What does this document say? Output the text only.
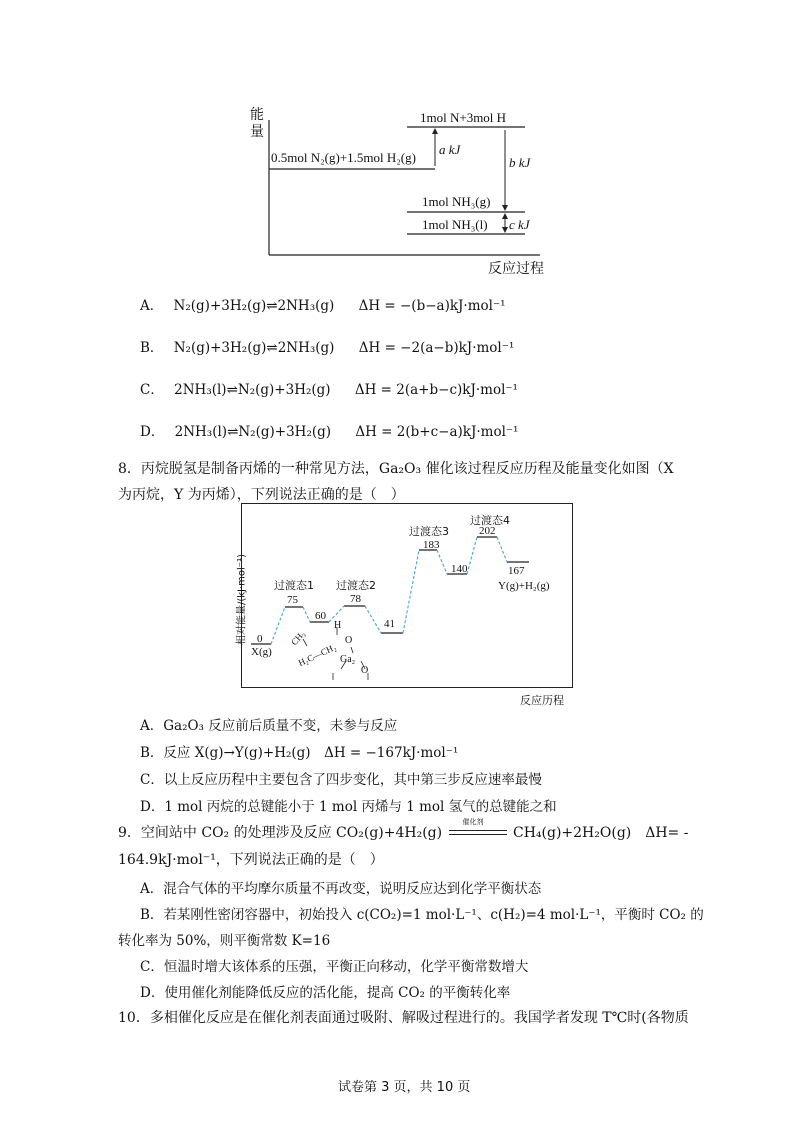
能
量
反应过程
1mol N+3mol H
0.5mol N₂(g)+1.5mol H₂(g)
1mol NH₃(g)
1mol NH₃(l)
a kJ
b kJ
c kJ
A． N₂(g)+3H₂(g)⇌2NH₃(g) ΔH = −(b−a)kJ·mol⁻¹
B． N₂(g)+3H₂(g)⇌2NH₃(g) ΔH = −2(a−b)kJ·mol⁻¹
C． 2NH₃(l)⇌N₂(g)+3H₂(g) ΔH = 2(a+b−c)kJ·mol⁻¹
D． 2NH₃(l)⇌N₂(g)+3H₂(g) ΔH = 2(b+c−a)kJ·mol⁻¹
8．丙烷脱氢是制备丙烯的一种常见方法，Ga₂O₃ 催化该过程反应历程及能量变化如图（X
为丙烷，Y 为丙烯），下列说法正确的是（　）
相对能量/(kJ·mol⁻¹)
反应历程
过渡态1 过渡态2
过渡态3
过渡态4
0
X(g)
75
60
78
41
183
140
202
167
Y(g)+H₂(g)
CH₃
H
H₂C—CH₂
O
Ga₂
O
A．Ga₂O₃ 反应前后质量不变，未参与反应
B．反应 X(g)→Y(g)+H₂(g)　ΔH = −167kJ·mol⁻¹
C．以上反应历程中主要包含了四步变化，其中第三步反应速率最慢
D．1 mol 丙烷的总键能小于 1 mol 丙烯与 1 mol 氢气的总键能之和
9．空间站中 CO₂ 的处理涉及反应 CO₂(g)+4H₂(g)
催化剂
CH₄(g)+2H₂O(g)　ΔH= -
164.9kJ·mol⁻¹，下列说法正确的是（　）
A．混合气体的平均摩尔质量不再改变，说明反应达到化学平衡状态
B．若某刚性密闭容器中，初始投入 c(CO₂)=1 mol·L⁻¹、c(H₂)=4 mol·L⁻¹，平衡时 CO₂ 的
转化率为 50%，则平衡常数 K=16
C．恒温时增大该体系的压强，平衡正向移动，化学平衡常数增大
D．使用催化剂能降低反应的活化能，提高 CO₂ 的平衡转化率
10．多相催化反应是在催化剂表面通过吸附、解吸过程进行的。我国学者发现 T℃时(各物质
试卷第 3 页，共 10 页
